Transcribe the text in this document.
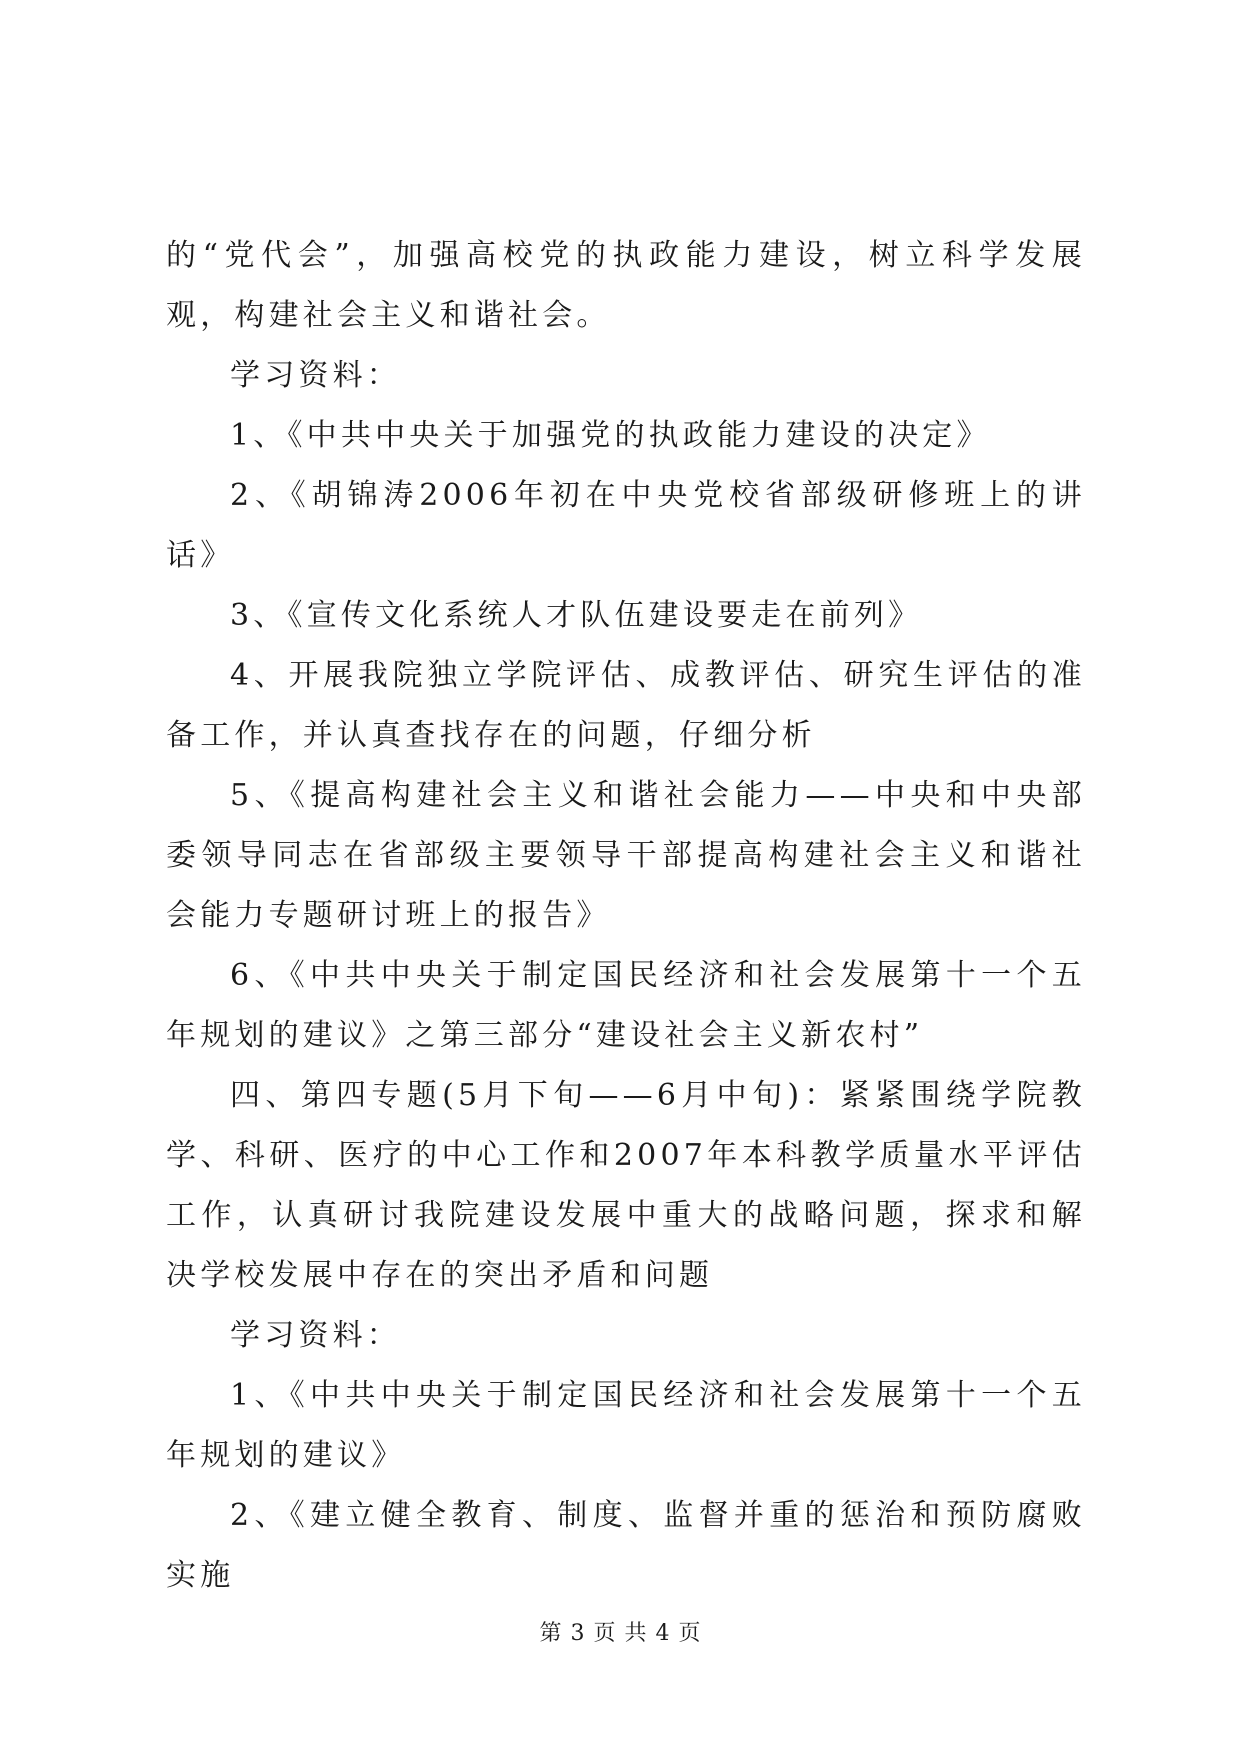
的“党代会”，加强高校党的执政能力建设，树立科学发展观，构建社会主义和谐社会。

学习资料：

1、《中共中央关于加强党的执政能力建设的决定》

2、《胡锦涛2006年初在中央党校省部级研修班上的讲话》

3、《宣传文化系统人才队伍建设要走在前列》

4、开展我院独立学院评估、成教评估、研究生评估的准备工作，并认真查找存在的问题，仔细分析

5、《提高构建社会主义和谐社会能力——中央和中央部委领导同志在省部级主要领导干部提高构建社会主义和谐社会能力专题研讨班上的报告》

6、《中共中央关于制定国民经济和社会发展第十一个五年规划的建议》之第三部分“建设社会主义新农村”

四、第四专题(5月下旬——6月中旬)：紧紧围绕学院教学、科研、医疗的中心工作和2007年本科教学质量水平评估工作，认真研讨我院建设发展中重大的战略问题，探求和解决学校发展中存在的突出矛盾和问题

学习资料：

1、《中共中央关于制定国民经济和社会发展第十一个五年规划的建议》

2、《建立健全教育、制度、监督并重的惩治和预防腐败实施

第 3 页 共 4 页
